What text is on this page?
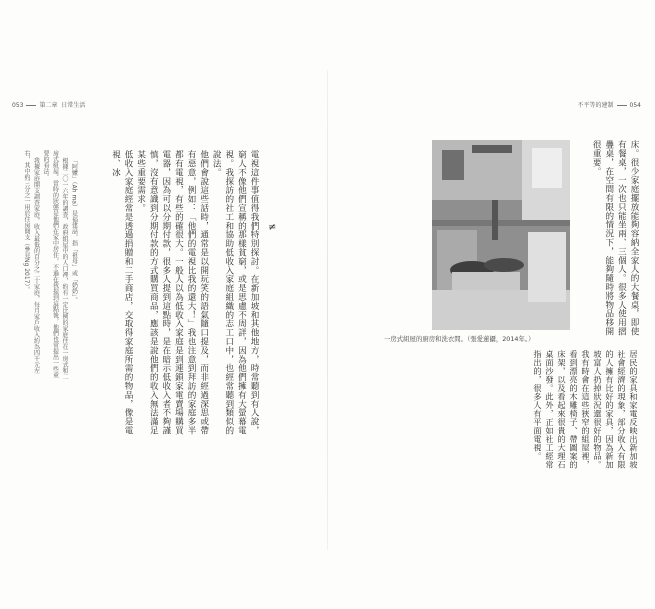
053	第二章 日常生活	不平等的建制	054
電視這件事值得我們特別探討。在新加坡和其他地方，時常聽到有人說，窮人不像他們宣稱的那樣貧窮，或是思慮不周詳，因為他們擁有大螢幕電視。我探訪的社工和協助低收入家庭組織的志工口中，也經常聽到類似的說法。
他們會說這些話時，通常是以開玩笑的語氣隨口提及，而非經過深思或帶有惡意，例如：「他們的電視比我的還大！」我也注意到拜訪的家庭多半都有電視，有些的確很大。一般人以為低收入家庭是到連鎖家電賣場購買電器，因為可以分期付款，很多人提到這點時，是在暗示低收入者不夠謹慎，沒有意識到分期付款的方式購買商品，應該是說他們的收入無法滿足某些重要需求。
低收入家庭經常是透過捐贈和二手商店，交取得家庭所需的物品，像是電視、冰
≠

「阿嬤」（Ah ma）是福建話，指「祖母」或「奶奶」。
根據二〇一六年的調查，政府組屋中的人口裡，約有一定比例的家庭住在一房式和二房式組屋。當時的狀態是他們在家中居住，不過在我提到這點後，他們也常提出一些重要的看法。
我據家庭開支調查家庭，收入最低的百分之二十家庭，每月家戶收入約為四千元左右，其中約三分之一用於住房開支（參見Ng 2017）。

一房式組屋的廚房和洗衣間。（張愛蓮攝，2014年。）
床。很少家庭擺放能夠容納全家人的大餐桌，即使有餐桌，一次也只能坐兩、三個人。很多人使用摺疊桌，在空間有限的情況下，能夠隨時將物品移開很重要。
居民的家具和家電反映出新加坡社會經濟的現象，部分收入有限的人擁有比好的家具，因為新加坡富人扔掉狀況還很好的物品。我有時會在這些狹窄的組屋裡，看到漂亮的木雕椅子、帶圖案的床架，以及看起來很貴的大理石桌面沙發。此外，正如社工經常指出的，很多人有平面電視。
